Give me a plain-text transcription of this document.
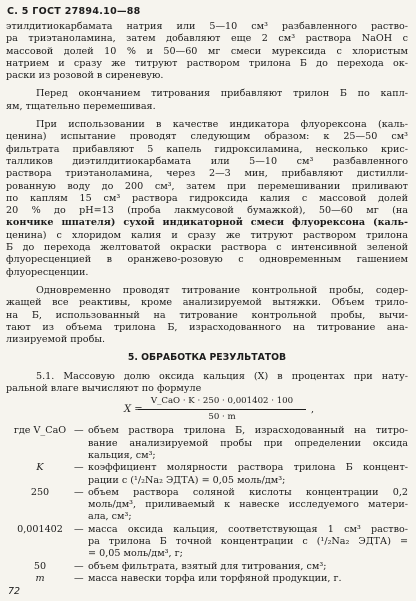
С. 5 ГОСТ 27894.10—88
этилдитиокарбамата натрия или 5—10 см³ разбавленного раство-
ра триэтаноламина, затем добавляют еще 2 см³ раствора NaOH с
массовой долей 10 % и 50—60 мг смеси мурексида с хлористым
натрием и сразу же титруют раствором трилона Б до перехода ок-
раски из розовой в сиреневую.
Перед окончанием титрования прибавляют трилон Б по капл-
ям, тщательно перемешивая.
При использовании в качестве индикатора флуорексона (каль-
ценина) испытание проводят следующим образом: к 25—50 см³
фильтрата прибавляют 5 капель гидроксиламина, несколько крис-
талликов диэтилдитиокарбамата или 5—10 см³ разбавленного
раствора триэтаноламина, через 2—3 мин, прибавляют дистилли-
рованную воду до 200 см³, затем при перемешивании приливают
по каплям 15 см³ раствора гидроксида калия с массовой долей
20 % до рН=13 (проба лакмусовой бумажкой), 50—60 мг (на
кончике шпателя) сухой индикаторной смеси флуорексона (каль-
ценина) с хлоридом калия и сразу же титруют раствором трилона
Б до перехода желтоватой окраски раствора с интенсивной зеленой
флуоресценцией в оранжево-розовую с одновременным гашением
флуоресценции.
Одновременно проводят титрование контрольной пробы, содер-
жащей все реактивы, кроме анализируемой вытяжки. Объем трило-
на Б, использованный на титрование контрольной пробы, вычи-
тают из объема трилона Б, израсходованного на титрование ана-
лизируемой пробы.
5. ОБРАБОТКА РЕЗУЛЬТАТОВ
5.1. Массовую долю оксида кальция (X) в процентах при нату-
ральной влаге вычисляют по формуле
X =
V_CaO · K · 250 · 0,001402 · 100
50 · m
,
где V_CaO — объем раствора трилона Б, израсходованный на титро-
вание анализируемой пробы при определении оксида
кальция, см³;
K	— коэффициент молярности раствора трилона Б концент-
рации с (¹/₂Na₂ ЭДТА) = 0,05 моль/дм³;
250	— объем раствора соляной кислоты концентрации 0,2
моль/дм³, приливаемый к навеске исследуемого матери-
ала, см³;
0,001402	— масса оксида кальция, соответствующая 1 см³ раство-
ра трилона Б точной концентрации с (¹/₂Na₂ ЭДТА) =
= 0,05 моль/дм³, г;
50	— объем фильтрата, взятый для титрования, см³;
m	— масса навески торфа или торфяной продукции, г.
72
